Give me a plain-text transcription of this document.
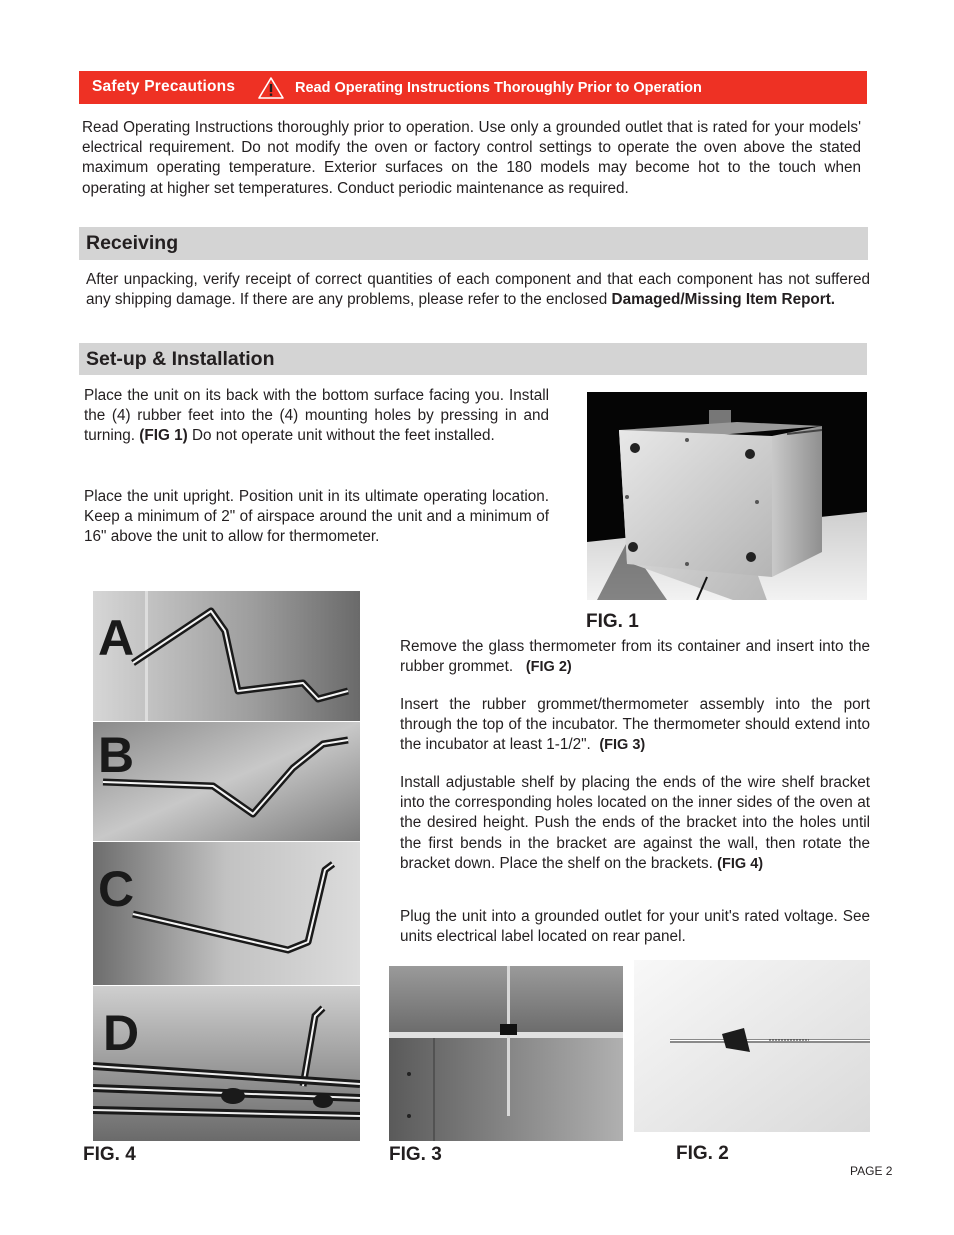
Safety Precautions	Read Operating Instructions Thoroughly Prior to Operation
Read Operating Instructions thoroughly prior to operation. Use only a grounded outlet that is rated for your models' electrical requirement. Do not modify the oven or factory control settings to operate the oven above the stated maximum operating temperature. Exterior surfaces on the 180 models may become hot to the touch when operating at higher set temperatures. Conduct periodic maintenance as required.
Receiving
After unpacking, verify receipt of correct quantities of each component and that each component has not suffered any shipping damage. If there are any problems, please refer to the enclosed Damaged/Missing Item Report.
Set-up & Installation
Place the unit on its back with the bottom surface facing you. Install the (4) rubber feet into the (4) mounting holes by pressing in and turning. (FIG 1) Do not operate unit without the feet installed.
Place the unit upright. Position unit in its ultimate operating location. Keep a minimum of 2" of airspace around the unit and a minimum of 16" above the unit to allow for thermometer.
FIG. 1
Remove the glass thermometer from its container and insert into the rubber grommet. (FIG 2)
Insert the rubber grommet/thermometer assembly into the port through the top of the incubator. The thermometer should extend into the incubator at least 1-1/2". (FIG 3)
Install adjustable shelf by placing the ends of the wire shelf bracket into the corresponding holes located on the inner sides of the oven at the desired height. Push the ends of the bracket into the holes until the first bends in the bracket are against the wall, then rotate the bracket down. Place the shelf on the brackets. (FIG 4)
Plug the unit into a grounded outlet for your unit's rated voltage. See units electrical label located on rear panel.
A
B
C
D
FIG. 4	FIG. 3	FIG. 2
PAGE 2
